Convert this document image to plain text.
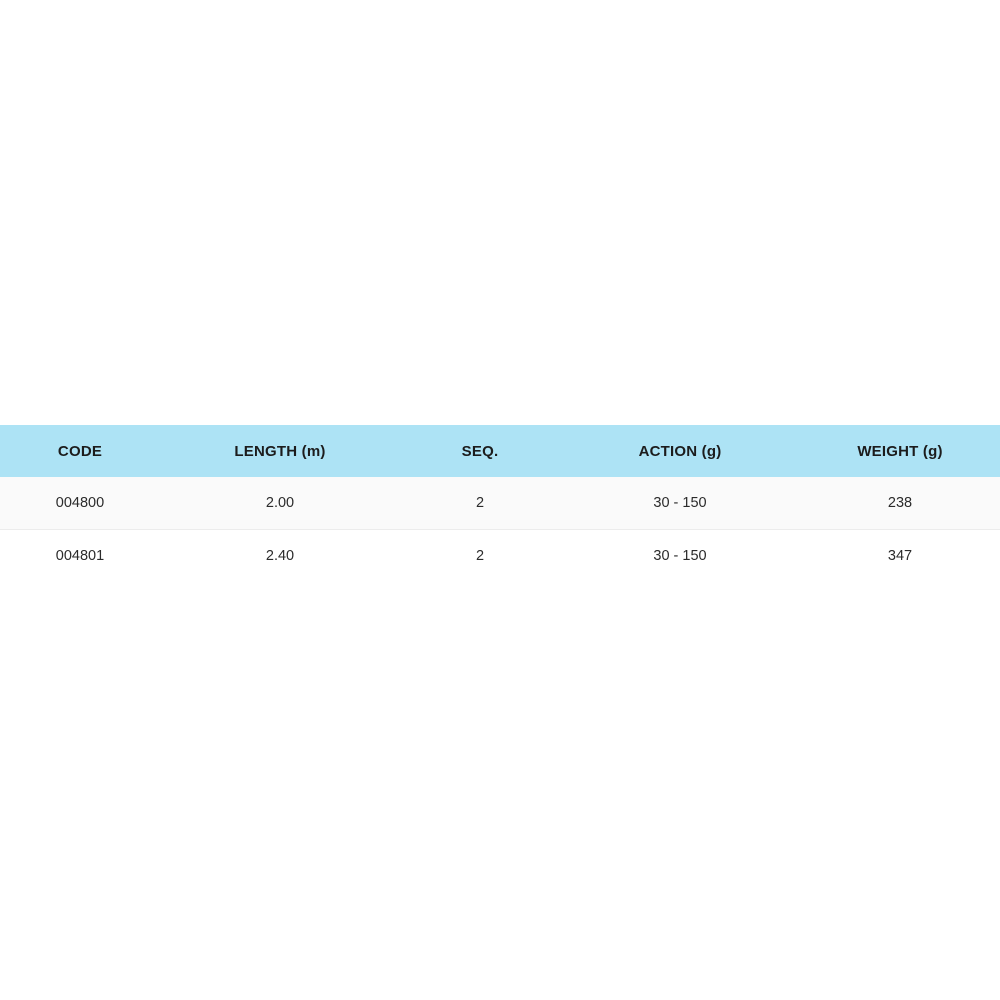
CODE	LENGTH (m)	SEQ.	ACTION (g)	WEIGHT (g)
004800	2.00	2	30 - 150	238
004801	2.40	2	30 - 150	347
